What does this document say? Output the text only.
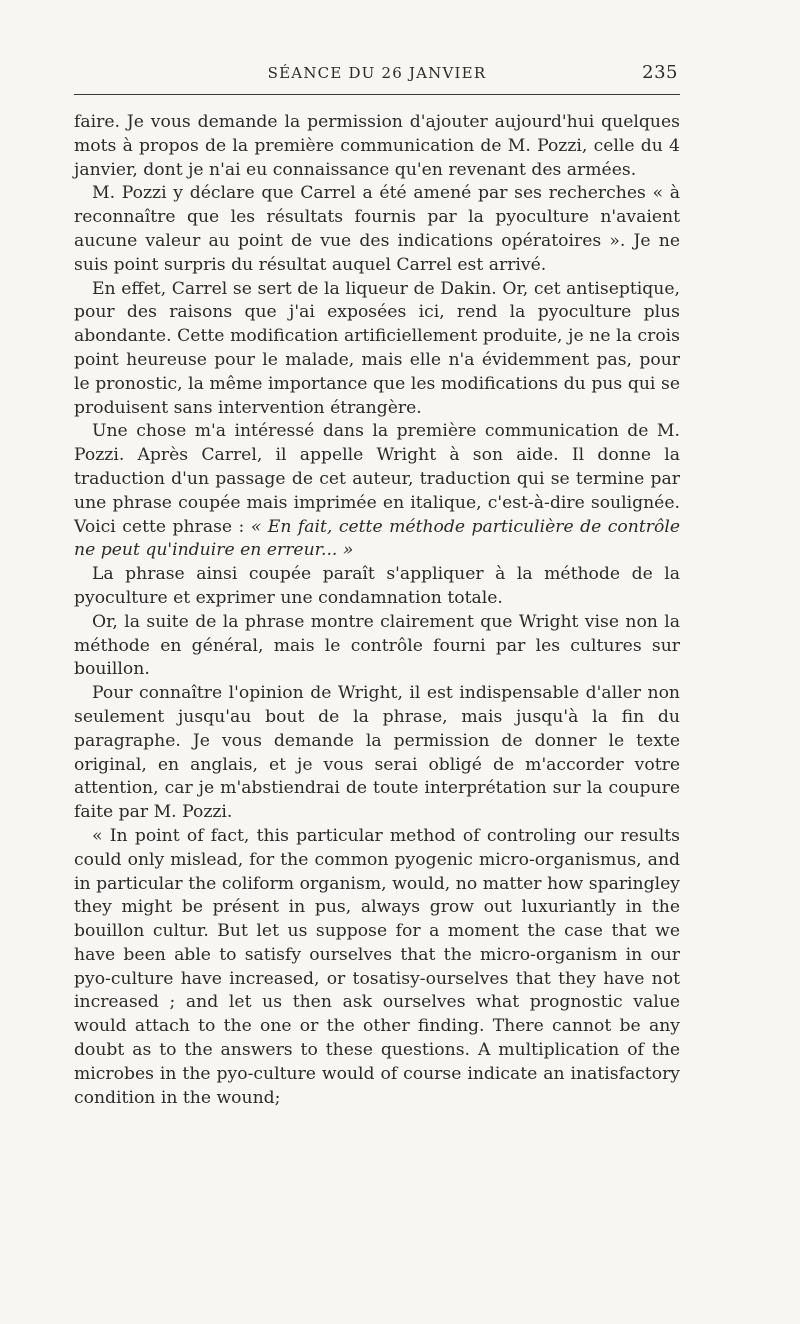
SÉANCE DU 26 JANVIER	235

faire. Je vous demande la permission d'ajouter aujourd'hui quelques mots à propos de la première communication de M. Pozzi, celle du 4 janvier, dont je n'ai eu connaissance qu'en revenant des armées.

M. Pozzi y déclare que Carrel a été amené par ses recherches « à reconnaître que les résultats fournis par la pyoculture n'avaient aucune valeur au point de vue des indications opératoires ». Je ne suis point surpris du résultat auquel Carrel est arrivé.

En effet, Carrel se sert de la liqueur de Dakin. Or, cet antiseptique, pour des raisons que j'ai exposées ici, rend la pyoculture plus abondante. Cette modification artificiellement produite, je ne la crois point heureuse pour le malade, mais elle n'a évidemment pas, pour le pronostic, la même importance que les modifications du pus qui se produisent sans intervention étrangère.

Une chose m'a intéressé dans la première communication de M. Pozzi. Après Carrel, il appelle Wright à son aide. Il donne la traduction d'un passage de cet auteur, traduction qui se termine par une phrase coupée mais imprimée en italique, c'est-à-dire soulignée. Voici cette phrase : « En fait, cette méthode particulière de contrôle ne peut qu'induire en erreur... »

La phrase ainsi coupée paraît s'appliquer à la méthode de la pyoculture et exprimer une condamnation totale.

Or, la suite de la phrase montre clairement que Wright vise non la méthode en général, mais le contrôle fourni par les cultures sur bouillon.

Pour connaître l'opinion de Wright, il est indispensable d'aller non seulement jusqu'au bout de la phrase, mais jusqu'à la fin du paragraphe. Je vous demande la permission de donner le texte original, en anglais, et je vous serai obligé de m'accorder votre attention, car je m'abstiendrai de toute interprétation sur la coupure faite par M. Pozzi.

« In point of fact, this particular method of controling our results could only mislead, for the common pyogenic micro-organismus, and in particular the coliform organism, would, no matter how sparingley they might be présent in pus, always grow out luxuriantly in the bouillon cultur. But let us suppose for a moment the case that we have been able to satisfy ourselves that the micro-organism in our pyo-culture have increased, or tosatisy-ourselves that they have not increased ; and let us then ask ourselves what prognostic value would attach to the one or the other finding. There cannot be any doubt as to the answers to these questions. A multiplication of the microbes in the pyo-culture would of course indicate an inatisfactory condition in the wound;
